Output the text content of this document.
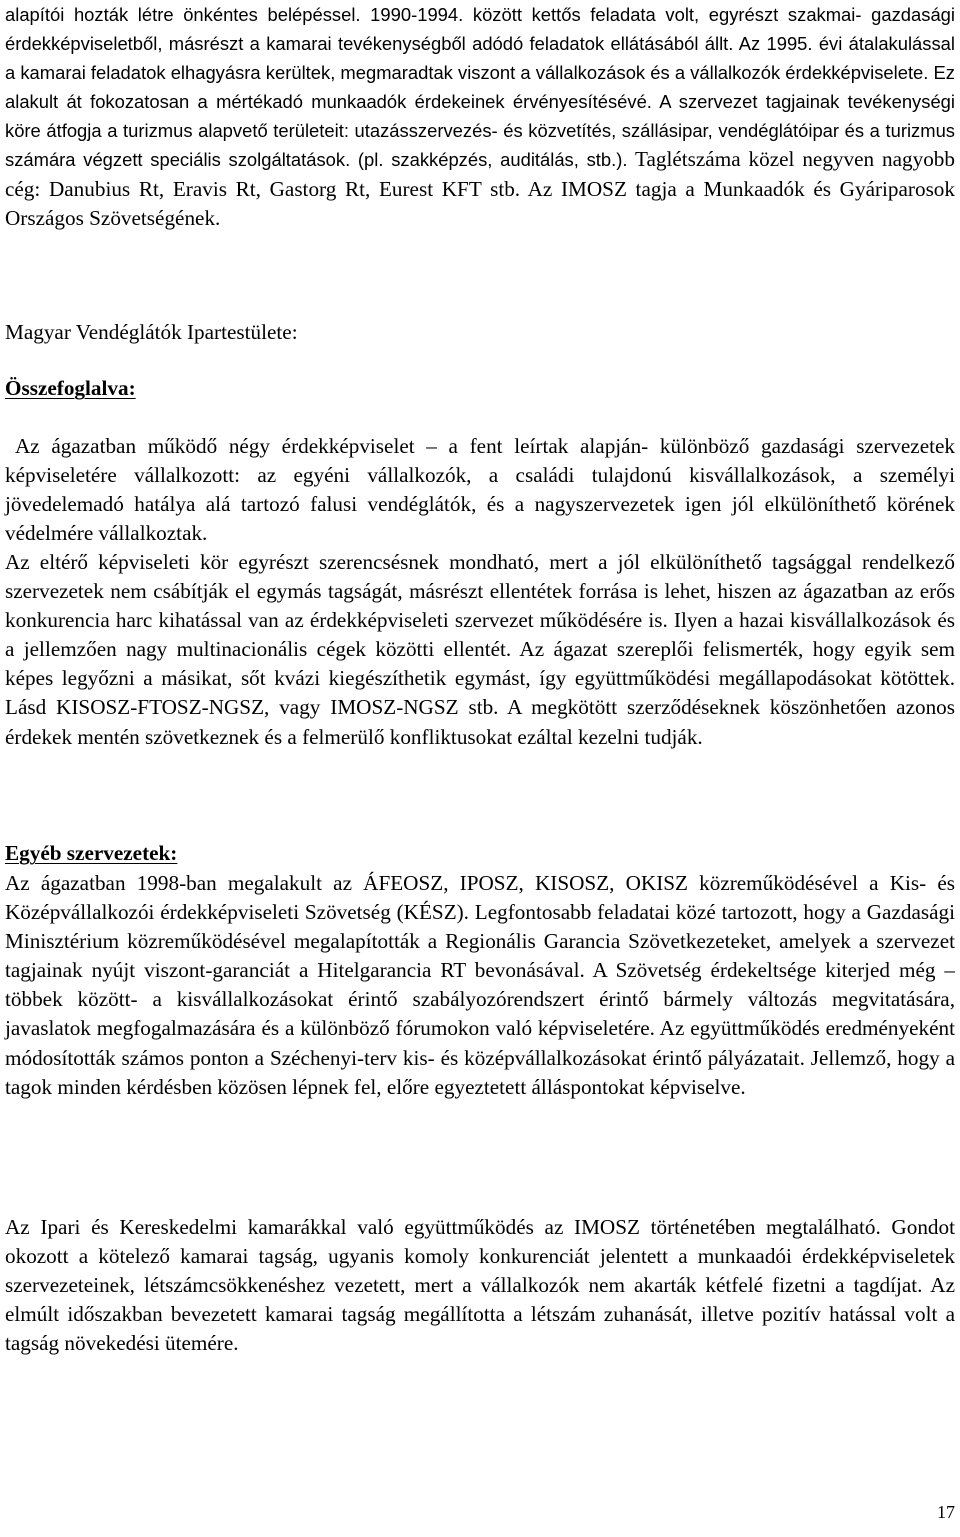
alapítói hozták létre önkéntes belépéssel. 1990-1994. között kettős feladata volt, egyrészt szakmai- gazdasági érdekképviseletből, másrészt a kamarai tevékenységből adódó feladatok ellátásából állt. Az 1995. évi átalakulással a kamarai feladatok elhagyásra kerültek, megmaradtak viszont a vállalkozások és a vállalkozók érdekképviselete. Ez alakult át fokozatosan a mértékadó munkaadók érdekeinek érvényesítésévé. A szervezet tagjainak tevékenységi köre átfogja a turizmus alapvető területeit: utazásszervezés- és közvetítés, szállásipar, vendéglátóipar és a turizmus számára végzett speciális szolgáltatások. (pl. szakképzés, auditálás, stb.). Taglétszáma közel negyven nagyobb cég: Danubius Rt, Eravis Rt, Gastorg Rt, Eurest KFT stb. Az IMOSZ tagja a Munkaadók és Gyáriparosok Országos Szövetségének.

Magyar Vendéglátók Ipartestülete:

Összefoglalva:

Az ágazatban működő négy érdekképviselet – a fent leírtak alapján- különböző gazdasági szervezetek képviseletére vállalkozott: az egyéni vállalkozók, a családi tulajdonú kisvállalkozások, a személyi jövedelemadó hatálya alá tartozó falusi vendéglátók, és a nagyszervezetek igen jól elkülöníthető körének védelmére vállalkoztak.

Az eltérő képviseleti kör egyrészt szerencsésnek mondható, mert a jól elkülöníthető tagsággal rendelkező szervezetek nem csábítják el egymás tagságát, másrészt ellentétek forrása is lehet, hiszen az ágazatban az erős konkurencia harc kihatással van az érdekképviseleti szervezet működésére is. Ilyen a hazai kisvállalkozások és a jellemzően nagy multinacionális cégek közötti ellentét. Az ágazat szereplői felismerték, hogy egyik sem képes legyőzni a másikat, sőt kvázi kiegészíthetik egymást, így együttműködési megállapodásokat kötöttek. Lásd KISOSZ-FTOSZ-NGSZ, vagy IMOSZ-NGSZ stb. A megkötött szerződéseknek köszönhetően azonos érdekek mentén szövetkeznek és a felmerülő konfliktusokat ezáltal kezelni tudják.

Egyéb szervezetek:

Az ágazatban 1998-ban megalakult az ÁFEOSZ, IPOSZ, KISOSZ, OKISZ közreműködésével a Kis- és Középvállalkozói érdekképviseleti Szövetség (KÉSZ). Legfontosabb feladatai közé tartozott, hogy a Gazdasági Minisztérium közreműködésével megalapították a Regionális Garancia Szövetkezeteket, amelyek a szervezet tagjainak nyújt viszont-garanciát a Hitelgarancia RT bevonásával. A Szövetség érdekeltsége kiterjed még – többek között- a kisvállalkozásokat érintő szabályozórendszert érintő bármely változás megvitatására, javaslatok megfogalmazására és a különböző fórumokon való képviseletére. Az együttműködés eredményeként módosították számos ponton a Széchenyi-terv kis- és középvállalkozásokat érintő pályázatait. Jellemző, hogy a tagok minden kérdésben közösen lépnek fel, előre egyeztetett álláspontokat képviselve.

Az Ipari és Kereskedelmi kamarákkal való együttműködés az IMOSZ történetében megtalálható. Gondot okozott a kötelező kamarai tagság, ugyanis komoly konkurenciát jelentett a munkaadói érdekképviseletek szervezeteinek, létszámcsökkenéshez vezetett, mert a vállalkozók nem akarták kétfelé fizetni a tagdíjat. Az elmúlt időszakban bevezetett kamarai tagság megállította a létszám zuhanását, illetve pozitív hatással volt a tagság növekedési ütemére.

17
